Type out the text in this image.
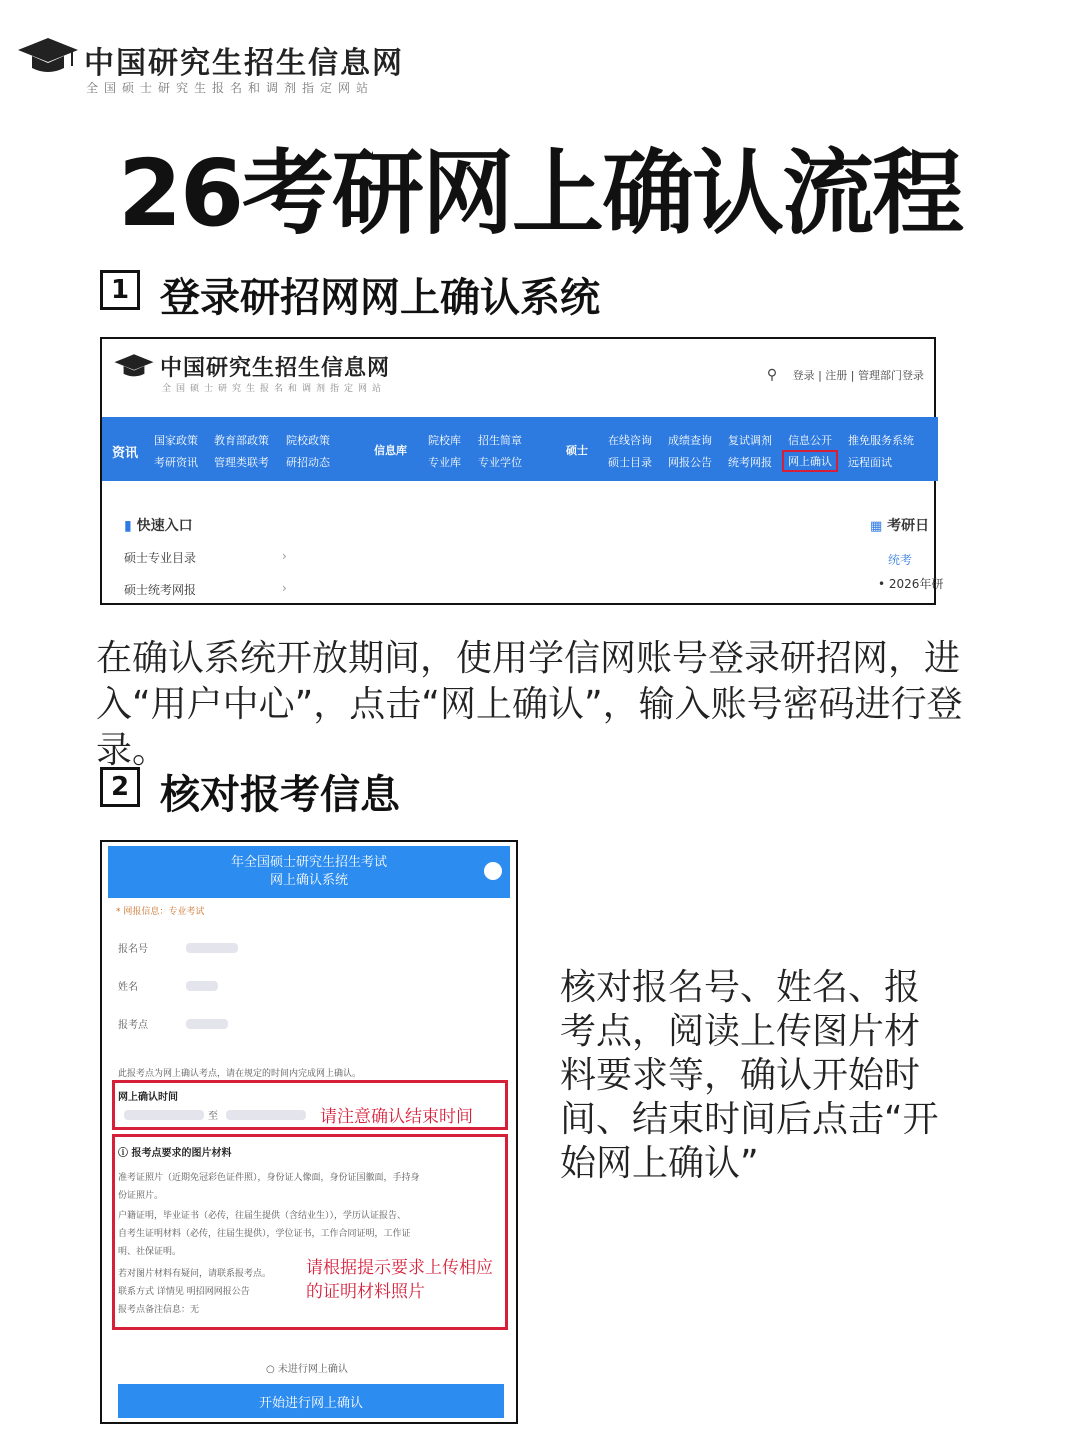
中国研究生招生信息网
全国硕士研究生报名和调剂指定网站
26考研网上确认流程
1 登录研招网网上确认系统
中国研究生招生信息网
全国硕士研究生报名和调剂指定网站
⚲ 登录 | 注册 | 管理部门登录
资讯
国家政策
考研资讯
教育部政策
管理类联考
院校政策
研招动态
信息库
院校库
专业库
招生简章
专业学位
硕士
在线咨询
硕士目录
成绩查询
网报公告
复试调剂
统考网报
信息公开
网上确认
推免服务系统
远程面试
▮ 快速入口
硕士专业目录	›
硕士统考网报	›
▦ 考研日
统考
• 2026年研
在确认系统开放期间，使用学信网账号登录研招网，进入“用户中心”，点击“网上确认”，输入账号密码进行登录。
2 核对报考信息
年全国硕士研究生招生考试
网上确认系统
* 网报信息：专业考试
报名号
姓名
报考点
此报考点为网上确认考点，请在规定的时间内完成网上确认。
网上确认时间
至	请注意确认结束时间
ⓘ 报考点要求的图片材料
准考证照片（近期免冠彩色证件照），身份证人像面，身份证国徽面，手持身
份证照片。
户籍证明，毕业证书（必传，往届生提供（含结业生）），学历认证报告、
自考生证明材料（必传，往届生提供），学位证书，工作合同证明，工作证
明、社保证明。
若对图片材料有疑问，请联系报考点。
联系方式 详情见 明招网网报公告
报考点备注信息：无
请根据提示要求上传相应的证明材料照片
○ 未进行网上确认
开始进行网上确认
核对报名号、姓名、报考点，阅读上传图片材料要求等，确认开始时间、结束时间后点击“开始网上确认”
